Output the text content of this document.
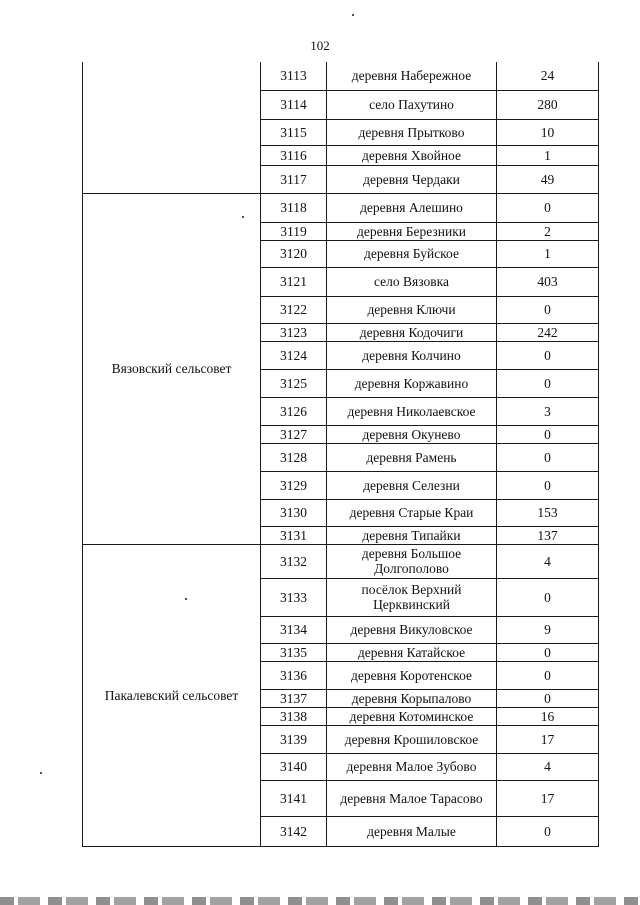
102
	3113	деревня Набережное	24
	3114	село Пахутино	280
	3115	деревня Прытково	10
	3116	деревня Хвойное	1
	3117	деревня Чердаки	49
Вязовский сельсовет	3118	деревня Алешино	0
	3119	деревня Березники	2
	3120	деревня Буйское	1
	3121	село Вязовка	403
	3122	деревня Ключи	0
	3123	деревня Кодочиги	242
	3124	деревня Колчино	0
	3125	деревня Коржавино	0
	3126	деревня Николаевское	3
	3127	деревня Окунево	0
	3128	деревня Рамень	0
	3129	деревня Селезни	0
	3130	деревня Старые Краи	153
	3131	деревня Типайки	137
Пакалевский сельсовет	3132	деревня Большое Долгополово	4
	3133	посёлок Верхний Церквинский	0
	3134	деревня Викуловское	9
	3135	деревня Катайское	0
	3136	деревня Коротенское	0
	3137	деревня Корыпалово	0
	3138	деревня Котоминское	16
	3139	деревня Крошиловское	17
	3140	деревня Малое Зубово	4
	3141	деревня Малое Тарасово	17
	3142	деревня Малые	0
